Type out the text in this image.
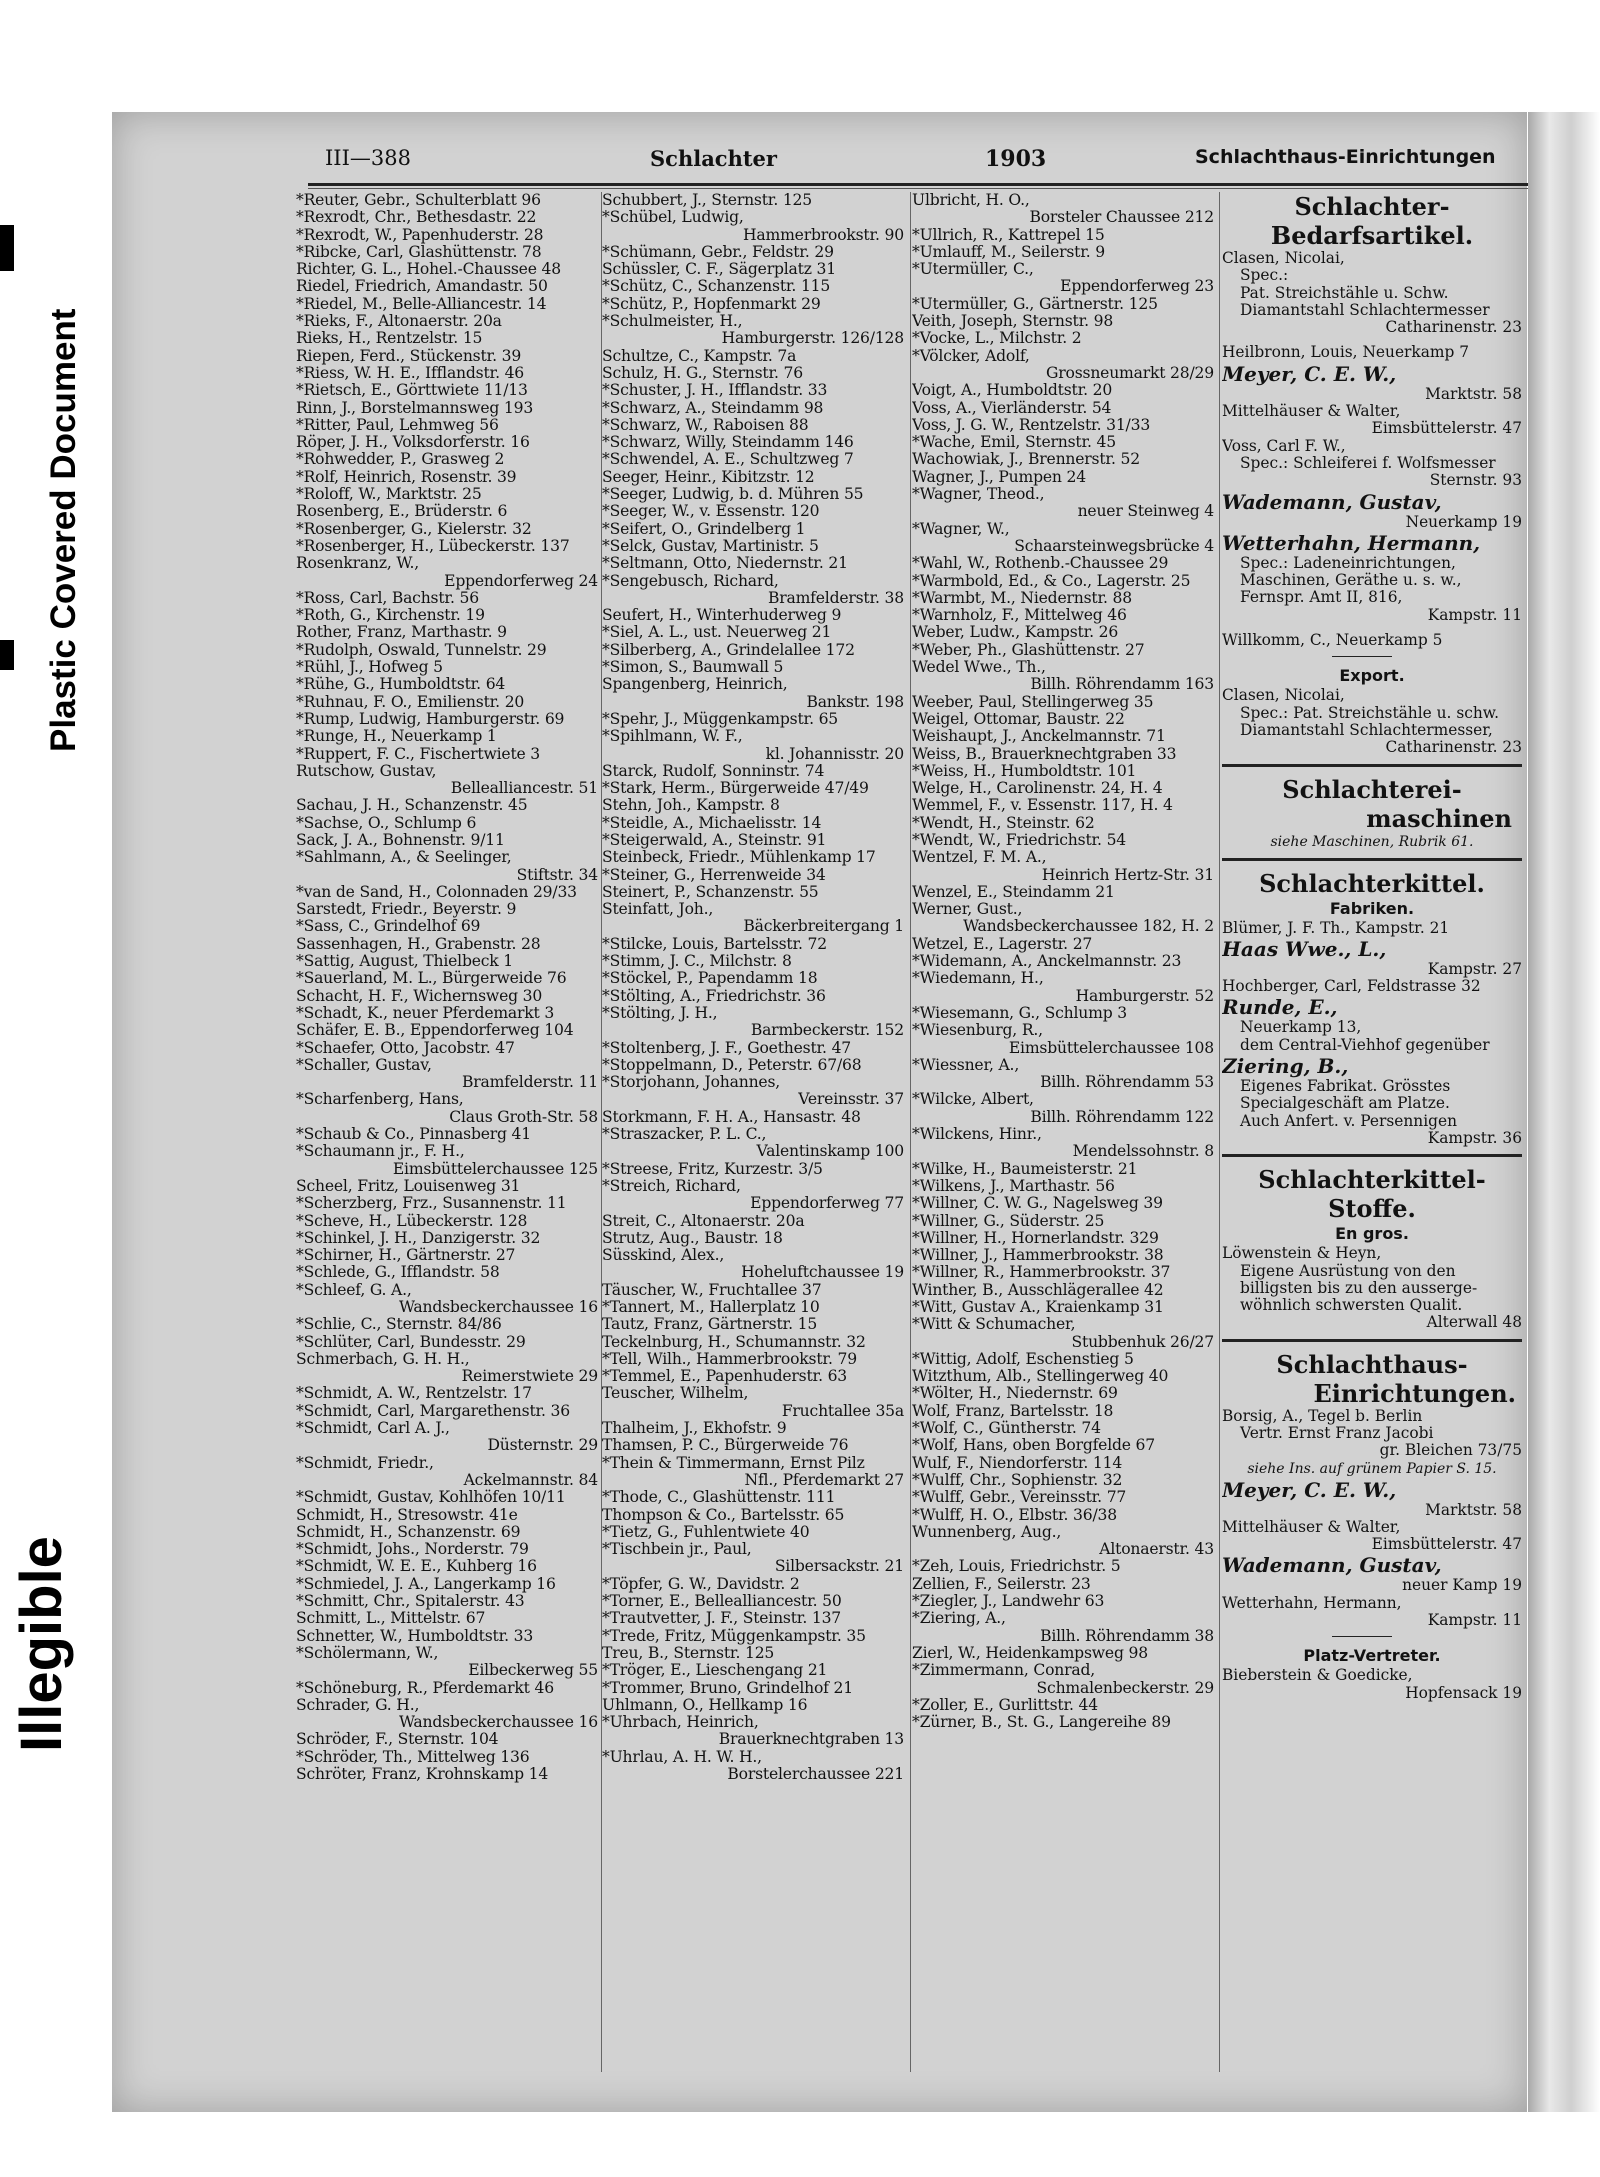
Plastic Covered Document
Illegible
III—388	Schlachter	1903	Schlachthaus-Einrichtungen
*Reuter, Gebr., Schulterblatt 96
*Rexrodt, Chr., Bethesdastr. 22
*Rexrodt, W., Papenhuderstr. 28
*Ribcke, Carl, Glashüttenstr. 78
Richter, G. L., Hohel.-Chaussee 48
Riedel, Friedrich, Amandastr. 50
*Riedel, M., Belle-Alliancestr. 14
*Rieks, F., Altonaerstr. 20a
Rieks, H., Rentzelstr. 15
Riepen, Ferd., Stückenstr. 39
*Riess, W. H. E., Ifflandstr. 46
*Rietsch, E., Görttwiete 11/13
Rinn, J., Borstelmannsweg 193
*Ritter, Paul, Lehmweg 56
Röper, J. H., Volksdorferstr. 16
*Rohwedder, P., Grasweg 2
*Rolf, Heinrich, Rosenstr. 39
*Roloff, W., Marktstr. 25
Rosenberg, E., Brüderstr. 6
*Rosenberger, G., Kielerstr. 32
*Rosenberger, H., Lübeckerstr. 137
Rosenkranz, W.,
Eppendorferweg 24
*Ross, Carl, Bachstr. 56
*Roth, G., Kirchenstr. 19
Rother, Franz, Marthastr. 9
*Rudolph, Oswald, Tunnelstr. 29
*Rühl, J., Hofweg 5
*Rühe, G., Humboldtstr. 64
*Ruhnau, F. O., Emilienstr. 20
*Rump, Ludwig, Hamburgerstr. 69
*Runge, H., Neuerkamp 1
*Ruppert, F. C., Fischertwiete 3
Rutschow, Gustav,
Bellealliancestr. 51
Sachau, J. H., Schanzenstr. 45
*Sachse, O., Schlump 6
Sack, J. A., Bohnenstr. 9/11
*Sahlmann, A., & Seelinger,
Stiftstr. 34
*van de Sand, H., Colonnaden 29/33
Sarstedt, Friedr., Beyerstr. 9
*Sass, C., Grindelhof 69
Sassenhagen, H., Grabenstr. 28
*Sattig, August, Thielbeck 1
*Sauerland, M. L., Bürgerweide 76
Schacht, H. F., Wichernsweg 30
*Schadt, K., neuer Pferdemarkt 3
Schäfer, E. B., Eppendorferweg 104
*Schaefer, Otto, Jacobstr. 47
*Schaller, Gustav,
Bramfelderstr. 11
*Scharfenberg, Hans,
Claus Groth-Str. 58
*Schaub & Co., Pinnasberg 41
*Schaumann jr., F. H.,
Eimsbüttelerchaussee 125
Scheel, Fritz, Louisenweg 31
*Scherzberg, Frz., Susannenstr. 11
*Scheve, H., Lübeckerstr. 128
*Schinkel, J. H., Danzigerstr. 32
*Schirner, H., Gärtnerstr. 27
*Schlede, G., Ifflandstr. 58
*Schleef, G. A.,
Wandsbeckerchaussee 16
*Schlie, C., Sternstr. 84/86
*Schlüter, Carl, Bundesstr. 29
Schmerbach, G. H. H.,
Reimerstwiete 29
*Schmidt, A. W., Rentzelstr. 17
*Schmidt, Carl, Margarethenstr. 36
*Schmidt, Carl A. J.,
Düsternstr. 29
*Schmidt, Friedr.,
Ackelmannstr. 84
*Schmidt, Gustav, Kohlhöfen 10/11
Schmidt, H., Stresowstr. 41e
Schmidt, H., Schanzenstr. 69
*Schmidt, Johs., Norderstr. 79
*Schmidt, W. E. E., Kuhberg 16
*Schmiedel, J. A., Langerkamp 16
*Schmitt, Chr., Spitalerstr. 43
Schmitt, L., Mittelstr. 67
Schnetter, W., Humboldtstr. 33
*Schölermann, W.,
Eilbeckerweg 55
*Schöneburg, R., Pferdemarkt 46
Schrader, G. H.,
Wandsbeckerchaussee 16
Schröder, F., Sternstr. 104
*Schröder, Th., Mittelweg 136
Schröter, Franz, Krohnskamp 14
Schubbert, J., Sternstr. 125
*Schübel, Ludwig,
Hammerbrookstr. 90
*Schümann, Gebr., Feldstr. 29
Schüssler, C. F., Sägerplatz 31
*Schütz, C., Schanzenstr. 115
*Schütz, P., Hopfenmarkt 29
*Schulmeister, H.,
Hamburgerstr. 126/128
Schultze, C., Kampstr. 7a
Schulz, H. G., Sternstr. 76
*Schuster, J. H., Ifflandstr. 33
*Schwarz, A., Steindamm 98
*Schwarz, W., Raboisen 88
*Schwarz, Willy, Steindamm 146
*Schwendel, A. E., Schultzweg 7
Seeger, Heinr., Kibitzstr. 12
*Seeger, Ludwig, b. d. Mühren 55
*Seeger, W., v. Essenstr. 120
*Seifert, O., Grindelberg 1
*Selck, Gustav, Martinistr. 5
*Seltmann, Otto, Niedernstr. 21
*Sengebusch, Richard,
Bramfelderstr. 38
Seufert, H., Winterhuderweg 9
*Siel, A. L., ust. Neuerweg 21
*Silberberg, A., Grindelallee 172
*Simon, S., Baumwall 5
Spangenberg, Heinrich,
Bankstr. 198
*Spehr, J., Müggenkampstr. 65
*Spihlmann, W. F.,
kl. Johannisstr. 20
Starck, Rudolf, Sonninstr. 74
*Stark, Herm., Bürgerweide 47/49
Stehn, Joh., Kampstr. 8
*Steidle, A., Michaelisstr. 14
*Steigerwald, A., Steinstr. 91
Steinbeck, Friedr., Mühlenkamp 17
*Steiner, G., Herrenweide 34
Steinert, P., Schanzenstr. 55
Steinfatt, Joh.,
Bäckerbreitergang 1
*Stilcke, Louis, Bartelsstr. 72
*Stimm, J. C., Milchstr. 8
*Stöckel, P., Papendamm 18
*Stölting, A., Friedrichstr. 36
*Stölting, J. H.,
Barmbeckerstr. 152
*Stoltenberg, J. F., Goethestr. 47
*Stoppelmann, D., Peterstr. 67/68
*Storjohann, Johannes,
Vereinsstr. 37
Storkmann, F. H. A., Hansastr. 48
*Straszacker, P. L. C.,
Valentinskamp 100
*Streese, Fritz, Kurzestr. 3/5
*Streich, Richard,
Eppendorferweg 77
Streit, C., Altonaerstr. 20a
Strutz, Aug., Baustr. 18
Süsskind, Alex.,
Hoheluftchaussee 19
Täuscher, W., Fruchtallee 37
*Tannert, M., Hallerplatz 10
Tautz, Franz, Gärtnerstr. 15
Teckelnburg, H., Schumannstr. 32
*Tell, Wilh., Hammerbrookstr. 79
*Temmel, E., Papenhuderstr. 63
Teuscher, Wilhelm,
Fruchtallee 35a
Thalheim, J., Ekhofstr. 9
Thamsen, P. C., Bürgerweide 76
*Thein & Timmermann, Ernst Pilz
Nfl., Pferdemarkt 27
*Thode, C., Glashüttenstr. 111
Thompson & Co., Bartelsstr. 65
*Tietz, G., Fuhlentwiete 40
*Tischbein jr., Paul,
Silbersackstr. 21
*Töpfer, G. W., Davidstr. 2
*Torner, E., Bellealliancestr. 50
*Trautvetter, J. F., Steinstr. 137
*Trede, Fritz, Müggenkampstr. 35
Treu, B., Sternstr. 125
*Tröger, E., Lieschengang 21
*Trommer, Bruno, Grindelhof 21
Uhlmann, O., Hellkamp 16
*Uhrbach, Heinrich,
Brauerknechtgraben 13
*Uhrlau, A. H. W. H.,
Borstelerchaussee 221
Ulbricht, H. O.,
Borsteler Chaussee 212
*Ullrich, R., Kattrepel 15
*Umlauff, M., Seilerstr. 9
*Utermüller, C.,
Eppendorferweg 23
*Utermüller, G., Gärtnerstr. 125
Veith, Joseph, Sternstr. 98
*Vocke, L., Milchstr. 2
*Völcker, Adolf,
Grossneumarkt 28/29
Voigt, A., Humboldtstr. 20
Voss, A., Vierländerstr. 54
Voss, J. G. W., Rentzelstr. 31/33
*Wache, Emil, Sternstr. 45
Wachowiak, J., Brennerstr. 52
Wagner, J., Pumpen 24
*Wagner, Theod.,
neuer Steinweg 4
*Wagner, W.,
Schaarsteinwegsbrücke 4
*Wahl, W., Rothenb.-Chaussee 29
*Warmbold, Ed., & Co., Lagerstr. 25
*Warmbt, M., Niedernstr. 88
*Warnholz, F., Mittelweg 46
Weber, Ludw., Kampstr. 26
*Weber, Ph., Glashüttenstr. 27
Wedel Wwe., Th.,
Billh. Röhrendamm 163
Weeber, Paul, Stellingerweg 35
Weigel, Ottomar, Baustr. 22
Weishaupt, J., Anckelmannstr. 71
Weiss, B., Brauerknechtgraben 33
*Weiss, H., Humboldtstr. 101
Welge, H., Carolinenstr. 24, H. 4
Wemmel, F., v. Essenstr. 117, H. 4
*Wendt, H., Steinstr. 62
*Wendt, W., Friedrichstr. 54
Wentzel, F. M. A.,
Heinrich Hertz-Str. 31
Wenzel, E., Steindamm 21
Werner, Gust.,
Wandsbeckerchaussee 182, H. 2
Wetzel, E., Lagerstr. 27
*Widemann, A., Anckelmannstr. 23
*Wiedemann, H.,
Hamburgerstr. 52
*Wiesemann, G., Schlump 3
*Wiesenburg, R.,
Eimsbüttelerchaussee 108
*Wiessner, A.,
Billh. Röhrendamm 53
*Wilcke, Albert,
Billh. Röhrendamm 122
*Wilckens, Hinr.,
Mendelssohnstr. 8
*Wilke, H., Baumeisterstr. 21
*Wilkens, J., Marthastr. 56
*Willner, C. W. G., Nagelsweg 39
*Willner, G., Süderstr. 25
*Willner, H., Hornerlandstr. 329
*Willner, J., Hammerbrookstr. 38
*Willner, R., Hammerbrookstr. 37
Winther, B., Ausschlägerallee 42
*Witt, Gustav A., Kraienkamp 31
*Witt & Schumacher,
Stubbenhuk 26/27
*Wittig, Adolf, Eschenstieg 5
Witzthum, Alb., Stellingerweg 40
*Wölter, H., Niedernstr. 69
Wolf, Franz, Bartelsstr. 18
*Wolf, C., Güntherstr. 74
*Wolf, Hans, oben Borgfelde 67
Wulf, F., Niendorferstr. 114
*Wulff, Chr., Sophienstr. 32
*Wulff, Gebr., Vereinsstr. 77
*Wulff, H. O., Elbstr. 36/38
Wunnenberg, Aug.,
Altonaerstr. 43
*Zeh, Louis, Friedrichstr. 5
Zellien, F., Seilerstr. 23
*Ziegler, J., Landwehr 63
*Ziering, A.,
Billh. Röhrendamm 38
Zierl, W., Heidenkampsweg 98
*Zimmermann, Conrad,
Schmalenbeckerstr. 29
*Zoller, E., Gurlittstr. 44
*Zürner, B., St. G., Langereihe 89
Schlachter-
Bedarfsartikel.
Clasen, Nicolai,
Spec.:
Pat. Streichstähle u. Schw.
Diamantstahl Schlachtermesser
Catharinenstr. 23
Heilbronn, Louis, Neuerkamp 7
Meyer, C. E. W.,
Marktstr. 58
Mittelhäuser & Walter,
Eimsbüttelerstr. 47
Voss, Carl F. W.,
Spec.: Schleiferei f. Wolfsmesser
Sternstr. 93
Wademann, Gustav,
Neuerkamp 19
Wetterhahn, Hermann,
Spec.: Ladeneinrichtungen,
Maschinen, Geräthe u. s. w.,
Fernspr. Amt II, 816,
Kampstr. 11
Willkomm, C., Neuerkamp 5
Export.
Clasen, Nicolai,
Spec.: Pat. Streichstähle u. schw.
Diamantstahl Schlachtermesser,
Catharinenstr. 23
Schlachterei-
maschinen
siehe Maschinen, Rubrik 61.
Schlachterkittel.
Fabriken.
Blümer, J. F. Th., Kampstr. 21
Haas Wwe., L.,
Kampstr. 27
Hochberger, Carl, Feldstrasse 32
Runde, E.,
Neuerkamp 13,
dem Central-Viehhof gegenüber
Ziering, B.,
Eigenes Fabrikat. Grösstes
Specialgeschäft am Platze.
Auch Anfert. v. Persennigen
Kampstr. 36
Schlachterkittel-
Stoffe.
En gros.
Löwenstein & Heyn,
Eigene Ausrüstung von den
billigsten bis zu den ausserge-
wöhnlich schwersten Qualit.
Alterwall 48
Schlachthaus-
Einrichtungen.
Borsig, A., Tegel b. Berlin
Vertr. Ernst Franz Jacobi
gr. Bleichen 73/75
siehe Ins. auf grünem Papier S. 15.
Meyer, C. E. W.,
Marktstr. 58
Mittelhäuser & Walter,
Eimsbüttelerstr. 47
Wademann, Gustav,
neuer Kamp 19
Wetterhahn, Hermann,
Kampstr. 11
Platz-Vertreter.
Bieberstein & Goedicke,
Hopfensack 19
